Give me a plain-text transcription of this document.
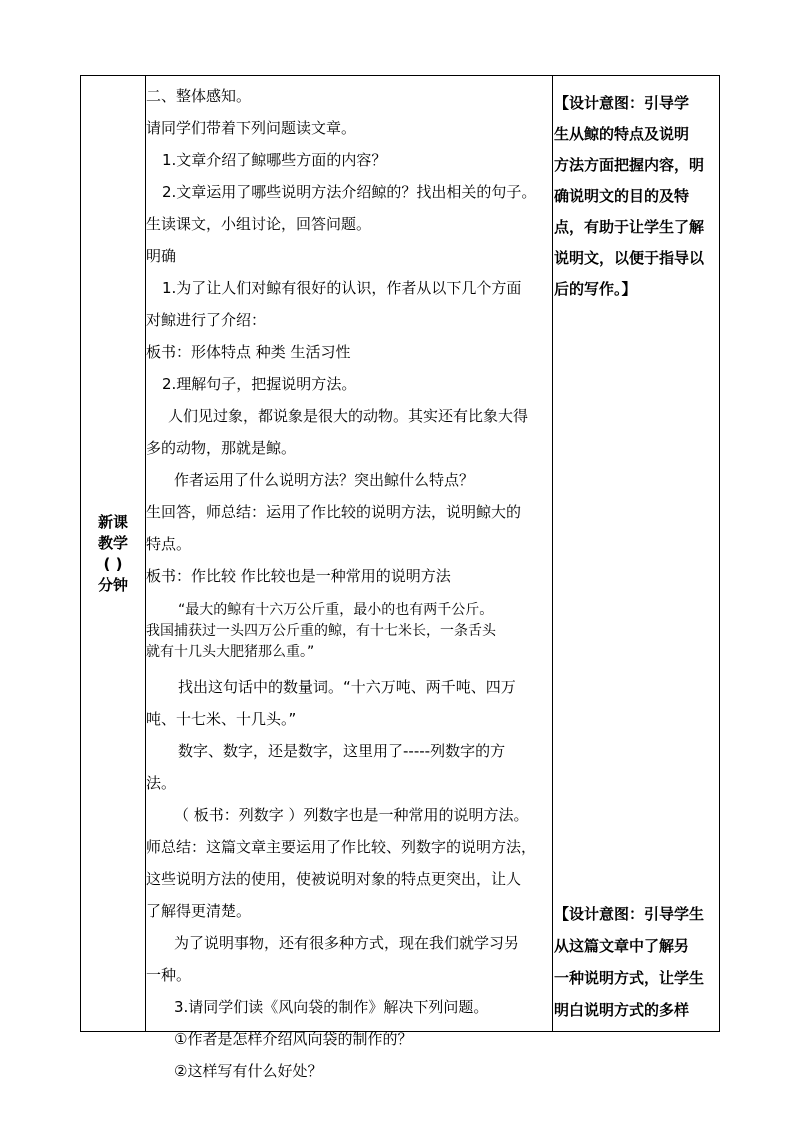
新课
教学
( )
分钟
二、整体感知。
请同学们带着下列问题读文章。
1.文章介绍了鲸哪些方面的内容？
2.文章运用了哪些说明方法介绍鲸的？找出相关的句子。
生读课文，小组讨论，回答问题。
明确
1.为了让人们对鲸有很好的认识，作者从以下几个方面
对鲸进行了介绍：
板书：形体特点 种类 生活习性
2.理解句子，把握说明方法。
人们见过象，都说象是很大的动物。其实还有比象大得
多的动物，那就是鲸。
作者运用了什么说明方法？突出鲸什么特点？
生回答，师总结：运用了作比较的说明方法，说明鲸大的
特点。
板书：作比较 作比较也是一种常用的说明方法
“最大的鲸有十六万公斤重，最小的也有两千公斤。
我国捕获过一头四万公斤重的鲸，有十七米长，一条舌头
就有十几头大肥猪那么重。”
找出这句话中的数量词。“十六万吨、两千吨、四万
吨、十七米、十几头。”
数字、数字，还是数字，这里用了-----列数字的方
法。
（ 板书：列数字 ）列数字也是一种常用的说明方法。
师总结：这篇文章主要运用了作比较、列数字的说明方法，
这些说明方法的使用，使被说明对象的特点更突出，让人
了解得更清楚。
为了说明事物，还有很多种方式，现在我们就学习另
一种。
3.请同学们读《风向袋的制作》解决下列问题。
①作者是怎样介绍风向袋的制作的？
②这样写有什么好处？
【设计意图：引导学
生从鲸的特点及说明
方法方面把握内容，明
确说明文的目的及特
点，有助于让学生了解
说明文，以便于指导以
后的写作。】
【设计意图：引导学生
从这篇文章中了解另
一种说明方式，让学生
明白说明方式的多样
